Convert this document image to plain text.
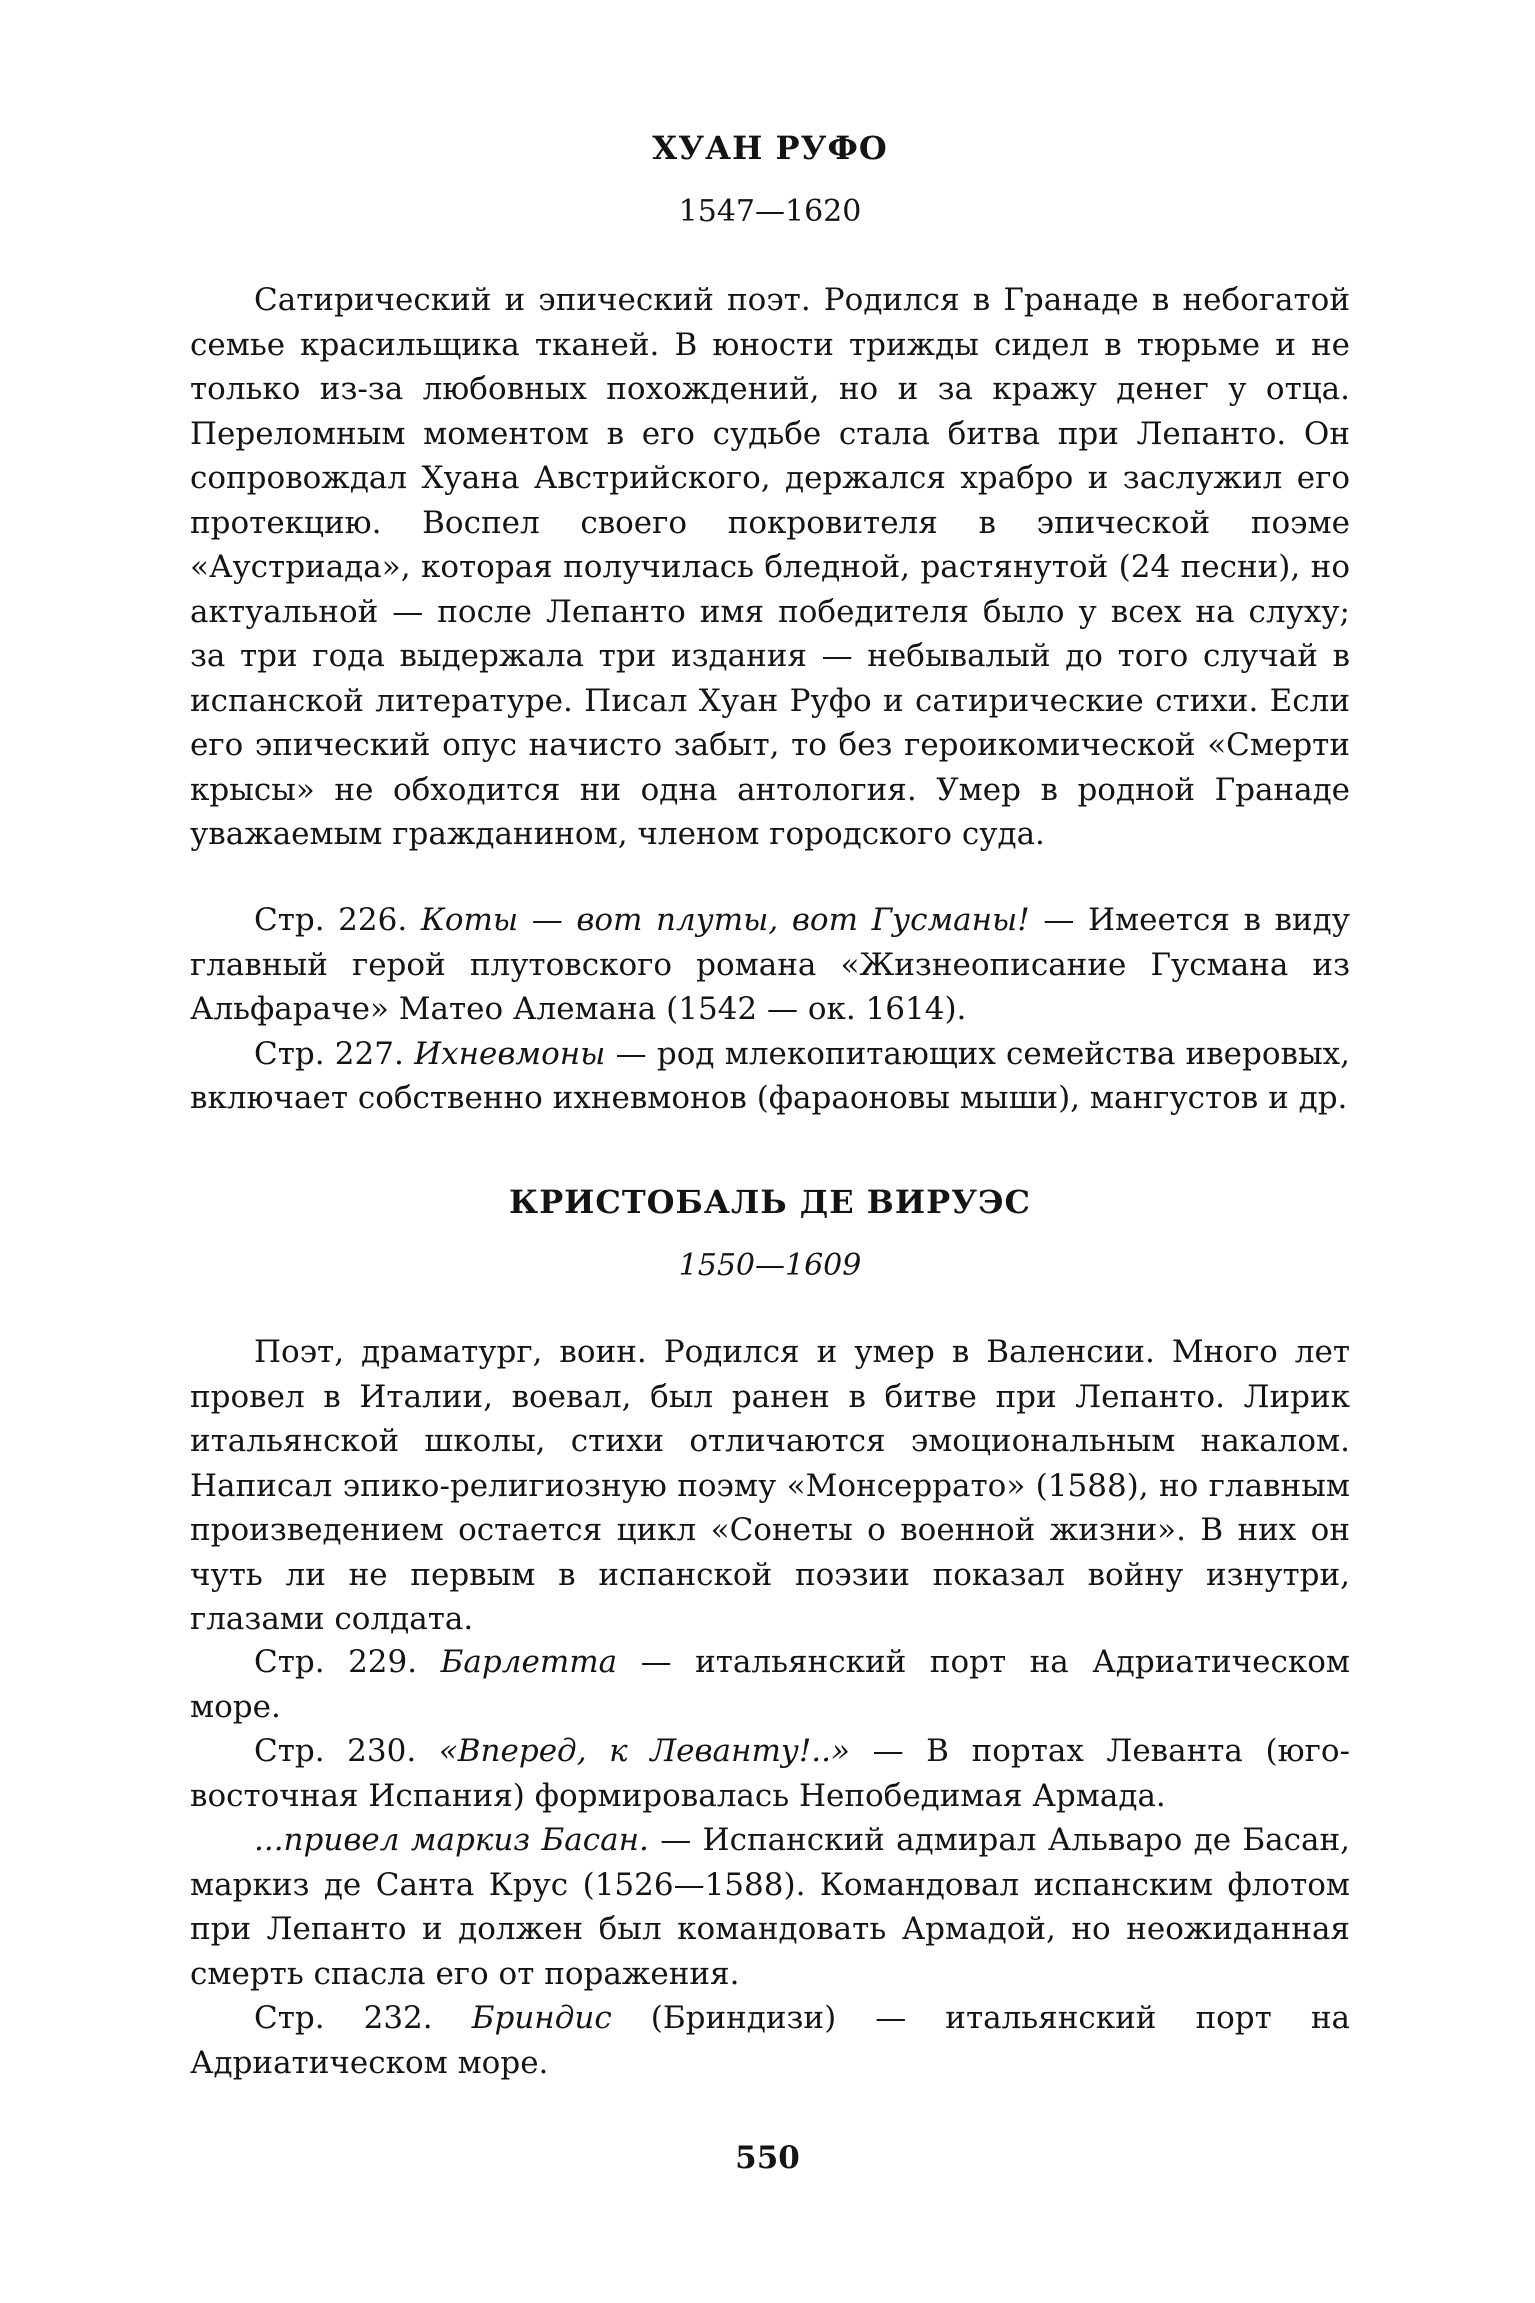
ХУАН РУФО
1547—1620

Сатирический и эпический поэт. Родился в Гранаде в небогатой семье красильщика тканей. В юности трижды сидел в тюрьме и не только из-за любовных похождений, но и за кражу денег у отца. Переломным моментом в его судьбе стала битва при Лепанто. Он сопровождал Хуана Австрийского, держался храбро и заслужил его протекцию. Воспел своего покровителя в эпической поэме «Аустриада», которая получилась бледной, растянутой (24 песни), но актуальной — после Лепанто имя победителя было у всех на слуху; за три года выдержала три издания — небывалый до того случай в испанской литературе. Писал Хуан Руфо и сатирические стихи. Если его эпический опус начисто забыт, то без героикомической «Смерти крысы» не обходится ни одна антология. Умер в родной Гранаде уважаемым гражданином, членом городского суда.

Стр. 226. Коты — вот плуты, вот Гусманы! — Имеется в виду главный герой плутовского романа «Жизнеописание Гусмана из Альфараче» Матео Алемана (1542 — ок. 1614).

Стр. 227. Ихневмоны — род млекопитающих семейства иверовых, включает собственно ихневмонов (фараоновы мыши), мангустов и др.

КРИСТОБАЛЬ ДЕ ВИРУЭС
1550—1609

Поэт, драматург, воин. Родился и умер в Валенсии. Много лет провел в Италии, воевал, был ранен в битве при Лепанто. Лирик итальянской школы, стихи отличаются эмоциональным накалом. Написал эпико-религиозную поэму «Монсеррато» (1588), но главным произведением остается цикл «Сонеты о военной жизни». В них он чуть ли не первым в испанской поэзии показал войну изнутри, глазами солдата.

Стр. 229. Барлетта — итальянский порт на Адриатическом море.

Стр. 230. «Вперед, к Леванту!..» — В портах Леванта (юго-восточная Испания) формировалась Непобедимая Армада.

...привел маркиз Басан. — Испанский адмирал Альваро де Басан, маркиз де Санта Крус (1526—1588). Командовал испанским флотом при Лепанто и должен был командовать Армадой, но неожиданная смерть спасла его от поражения.

Стр. 232. Бриндис (Бриндизи) — итальянский порт на Адриатическом море.

550
